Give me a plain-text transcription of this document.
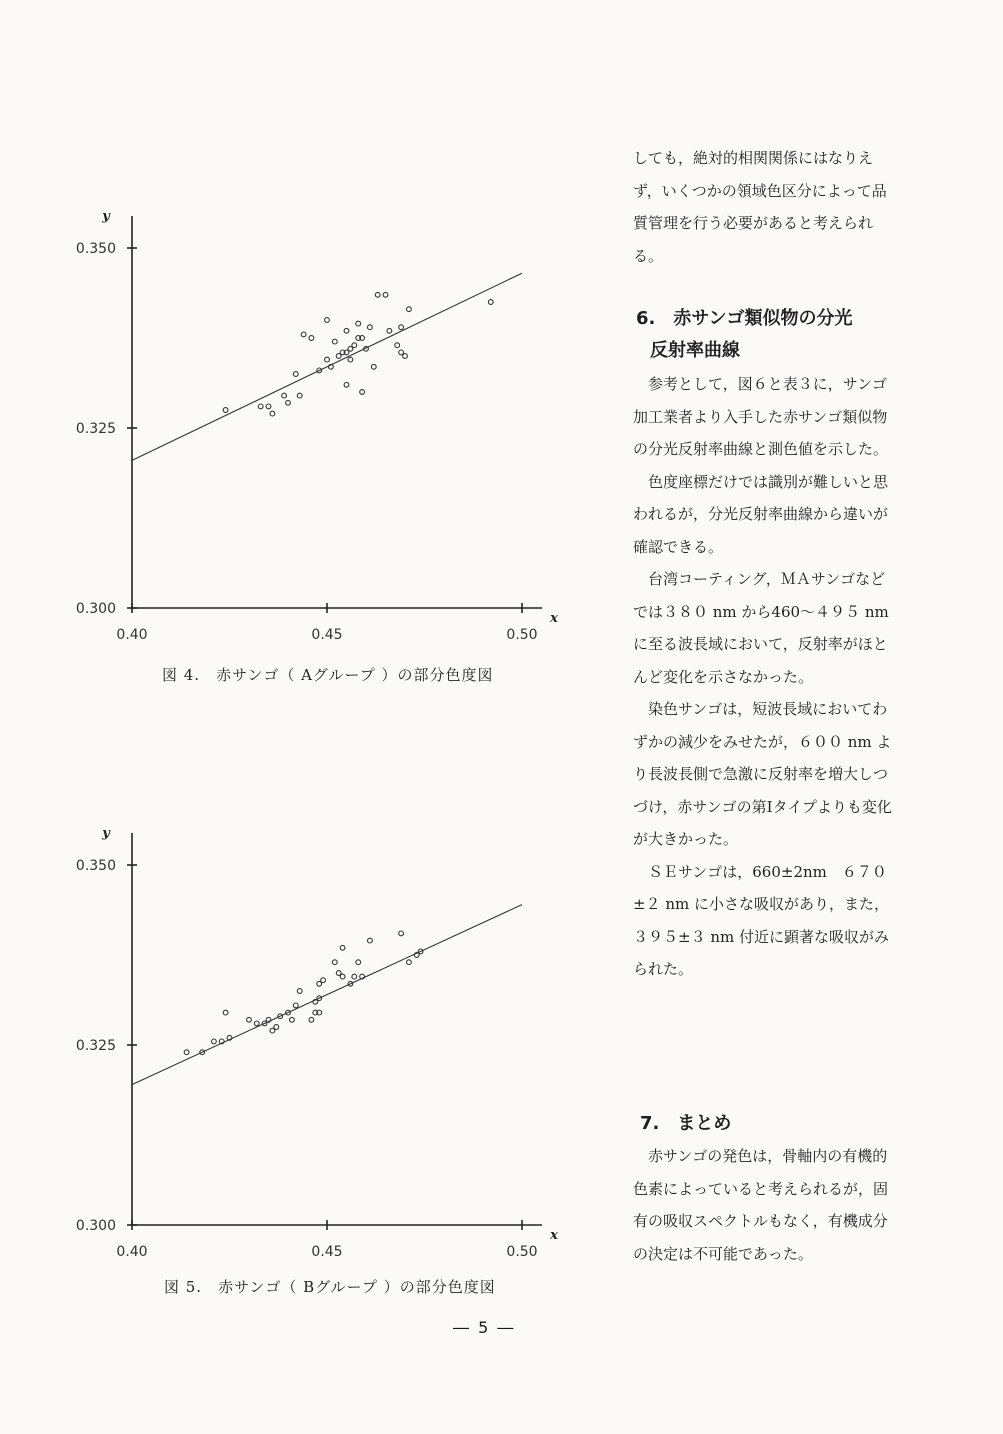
0.40	0.45	0.50
0.300
0.325
0.350
x
y
図 4.　赤サンゴ（ Aグループ ）の部分色度図
0.40	0.45	0.50
0.300
0.325
0.350
x
y
図 5.　赤サンゴ（ Bグループ ）の部分色度図

しても，絶対的相関関係にはなりえず，いくつかの領域色区分によって品質管理を行う必要があると考えられる。

6.　赤サンゴ類似物の分光
反射率曲線

参考として，図６と表３に，サンゴ加工業者より入手した赤サンゴ類似物の分光反射率曲線と測色値を示した。

色度座標だけでは識別が難しいと思われるが，分光反射率曲線から違いが確認できる。

台湾コーティング，ＭＡサンゴなどでは３８０ nm から460～４９５ nm に至る波長域において，反射率がほとんど変化を示さなかった。

染色サンゴは，短波長域においてわずかの減少をみせたが，６００ nm より長波長側で急激に反射率を増大しつづけ，赤サンゴの第Ⅰタイプよりも変化が大きかった。

ＳＥサンゴは，660±2nm　６７０±２ nm に小さな吸収があり，また，３９５±３ nm 付近に顕著な吸収がみられた。

7.　まとめ

赤サンゴの発色は，骨軸内の有機的色素によっていると考えられるが，固有の吸収スペクトルもなく，有機成分の決定は不可能であった。

― 5 ―
